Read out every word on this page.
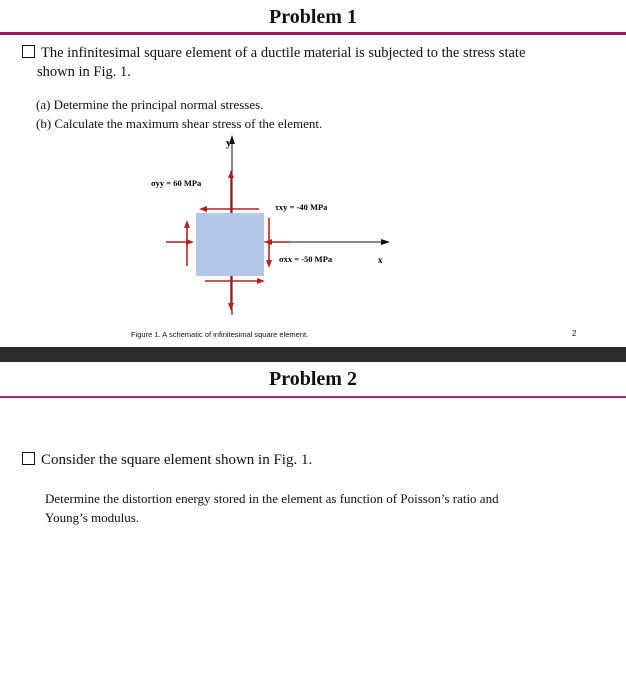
Problem 1
The infinitesimal square element of a ductile material is subjected to the stress state
shown in Fig. 1.
(a) Determine the principal normal stresses.
(b) Calculate the maximum shear stress of the element.
y
x
σyy = 60 MPa
τxy = -40 MPa
σxx = -50 MPa
Figure 1. A schematic of infinitesimal square element.	2
Problem 2
Consider the square element shown in Fig. 1.
Determine the distortion energy stored in the element as function of Poisson’s ratio and
Young’s modulus.
